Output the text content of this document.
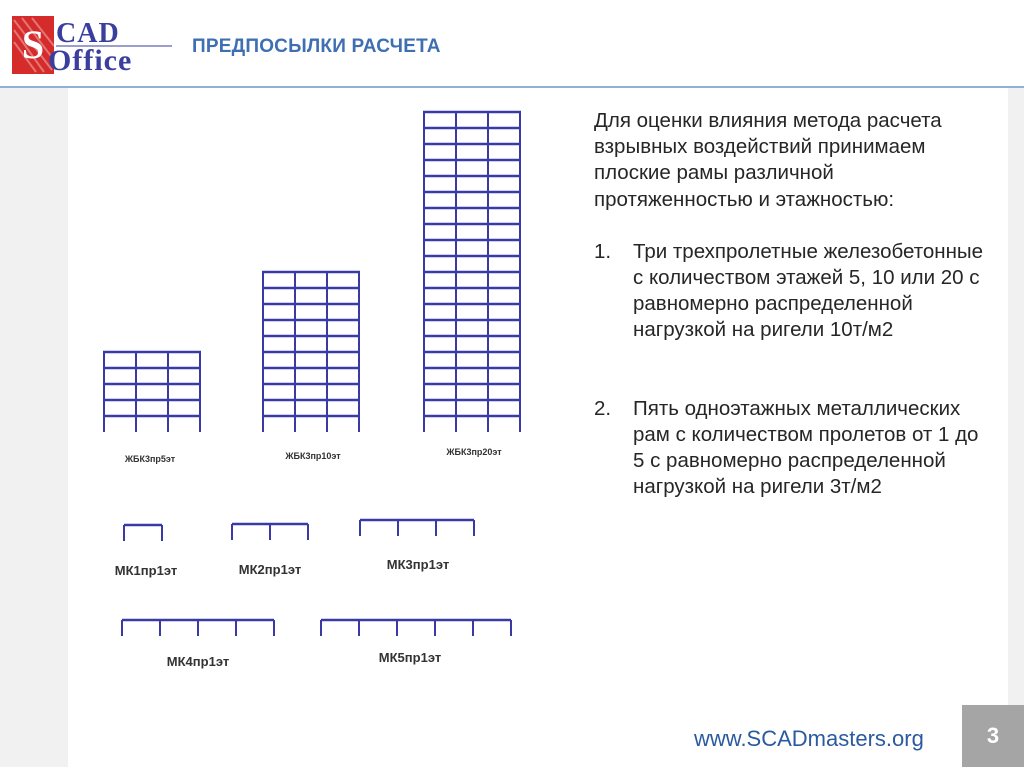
S CAD
Office	ПРЕДПОСЫЛКИ РАСЧЕТА
ЖБК3пр5эт	ЖБК3пр10эт	ЖБК3пр20эт
МК1пр1эт	МК2пр1эт	МК3пр1эт
МК4пр1эт	МК5пр1эт

Для оценки влияния метода расчета взрывных воздействий принимаем плоские рамы различной протяженностью и этажностью:

1. Три трехпролетные железобетонные с количеством этажей 5, 10 или 20 с равномерно распределенной нагрузкой на ригели 10т/м2

2. Пять одноэтажных металлических рам с количеством пролетов от 1 до 5 с равномерно распределенной нагрузкой на ригели 3т/м2

www.SCADmasters.org	3
